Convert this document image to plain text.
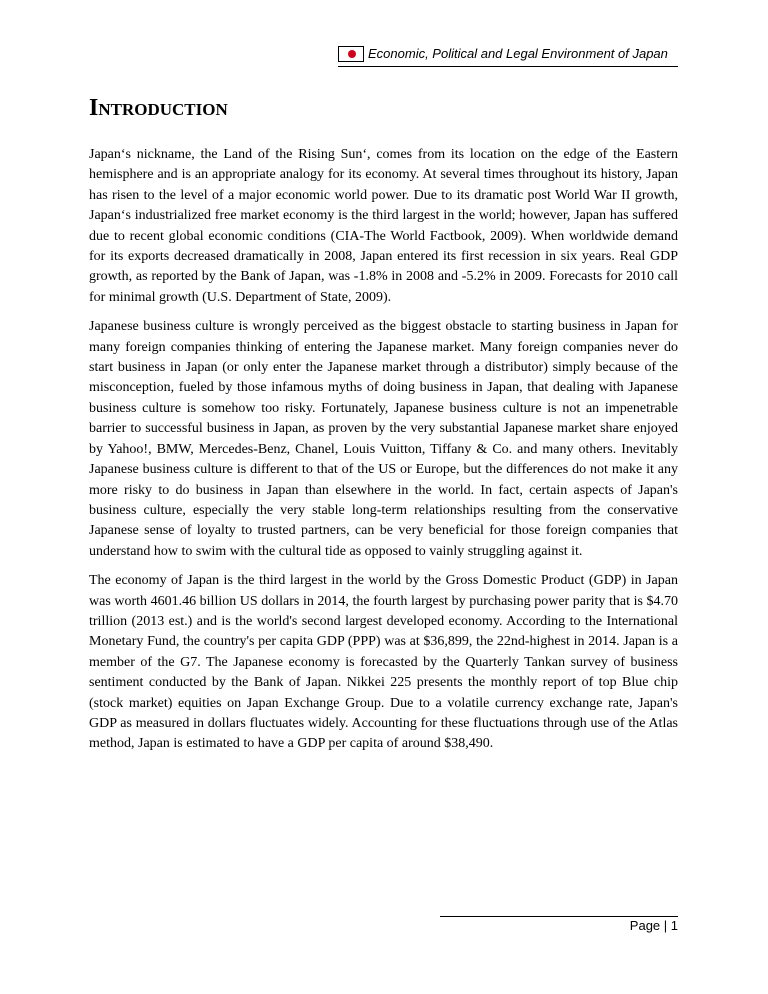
Economic, Political and Legal Environment of Japan
Introduction

Japan‘s nickname, the Land of the Rising Sun‘, comes from its location on the edge of the Eastern hemisphere and is an appropriate analogy for its economy. At several times throughout its history, Japan has risen to the level of a major economic world power. Due to its dramatic post World War II growth, Japan‘s industrialized free market economy is the third largest in the world; however, Japan has suffered due to recent global economic conditions (CIA-The World Factbook, 2009). When worldwide demand for its exports decreased dramatically in 2008, Japan entered its first recession in six years. Real GDP growth, as reported by the Bank of Japan, was -1.8% in 2008 and -5.2% in 2009. Forecasts for 2010 call for minimal growth (U.S. Department of State, 2009).

Japanese business culture is wrongly perceived as the biggest obstacle to starting business in Japan for many foreign companies thinking of entering the Japanese market. Many foreign companies never do start business in Japan (or only enter the Japanese market through a distributor) simply because of the misconception, fueled by those infamous myths of doing business in Japan, that dealing with Japanese business culture is somehow too risky. Fortunately, Japanese business culture is not an impenetrable barrier to successful business in Japan, as proven by the very substantial Japanese market share enjoyed by Yahoo!, BMW, Mercedes-Benz, Chanel, Louis Vuitton, Tiffany & Co. and many others. Inevitably Japanese business culture is different to that of the US or Europe, but the differences do not make it any more risky to do business in Japan than elsewhere in the world. In fact, certain aspects of Japan's business culture, especially the very stable long-term relationships resulting from the conservative Japanese sense of loyalty to trusted partners, can be very beneficial for those foreign companies that understand how to swim with the cultural tide as opposed to vainly struggling against it.

The economy of Japan is the third largest in the world by the Gross Domestic Product (GDP) in Japan was worth 4601.46 billion US dollars in 2014, the fourth largest by purchasing power parity that is $4.70 trillion (2013 est.) and is the world's second largest developed economy. According to the International Monetary Fund, the country's per capita GDP (PPP) was at $36,899, the 22nd-highest in 2014. Japan is a member of the G7. The Japanese economy is forecasted by the Quarterly Tankan survey of business sentiment conducted by the Bank of Japan. Nikkei 225 presents the monthly report of top Blue chip (stock market) equities on Japan Exchange Group. Due to a volatile currency exchange rate, Japan's GDP as measured in dollars fluctuates widely. Accounting for these fluctuations through use of the Atlas method, Japan is estimated to have a GDP per capita of around $38,490.

Page | 1
